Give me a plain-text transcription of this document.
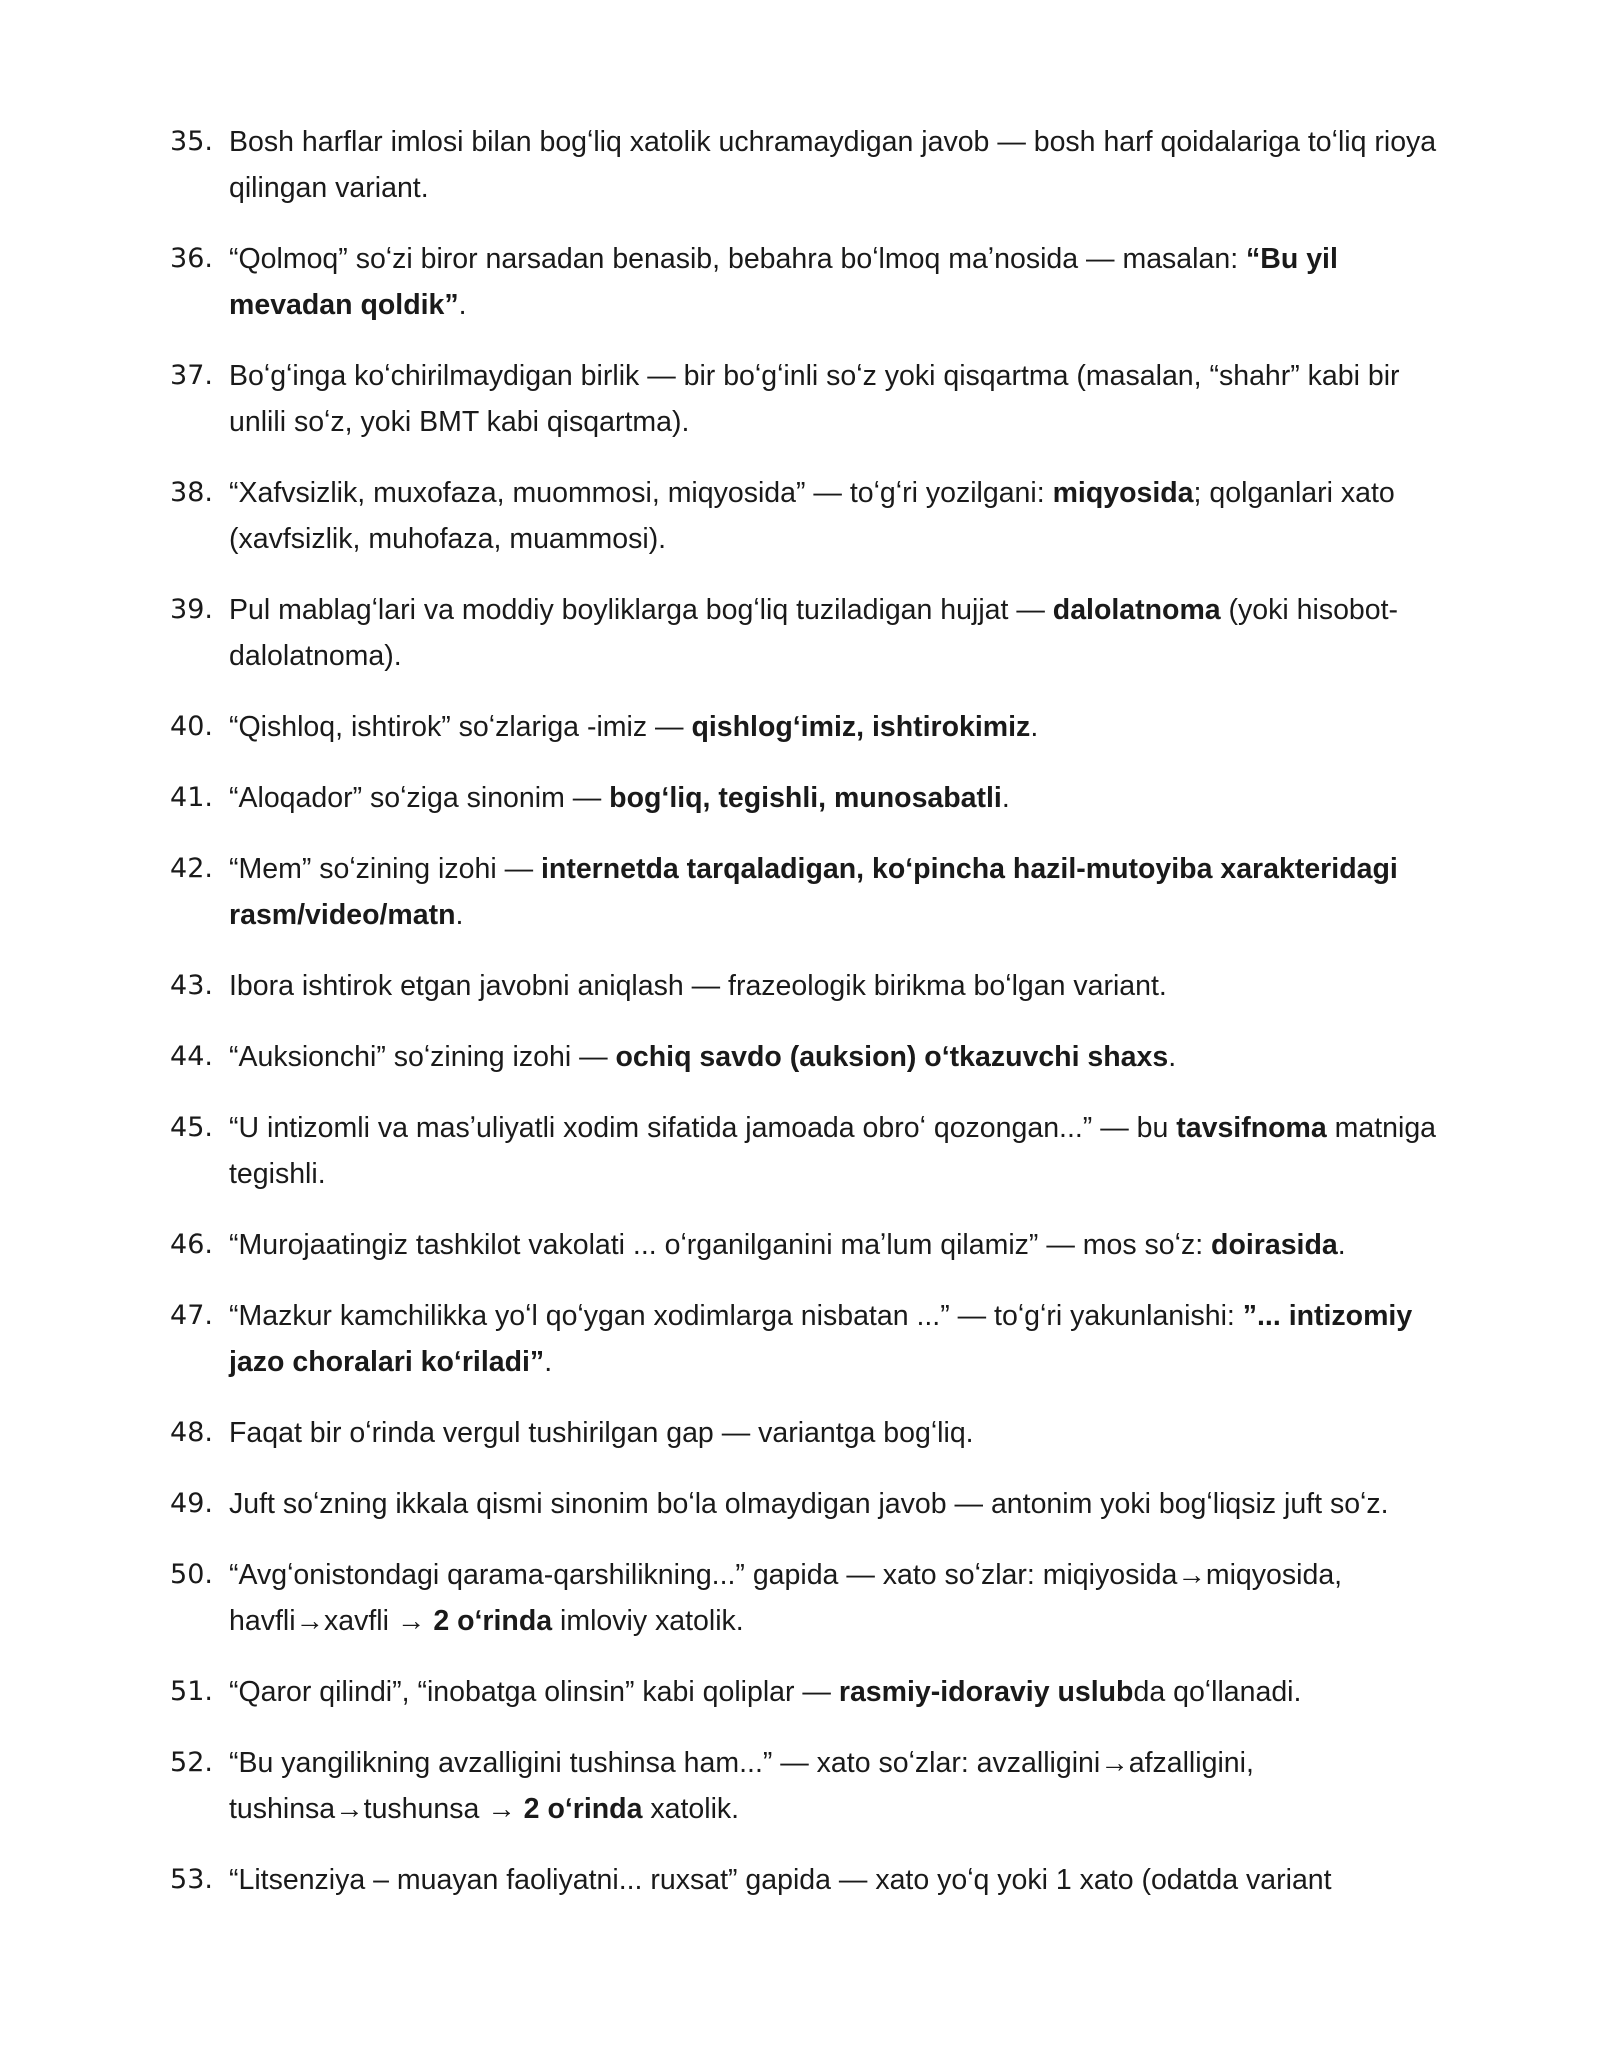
35. Bosh harflar imlosi bilan bogʻliq xatolik uchramaydigan javob — bosh harf qoidalariga toʻliq rioya qilingan variant.
36. “Qolmoq” soʻzi biror narsadan benasib, bebahra boʻlmoq maʼnosida — masalan: “Bu yil mevadan qoldik”.
37. Boʻgʻinga koʻchirilmaydigan birlik — bir boʻgʻinli soʻz yoki qisqartma (masalan, “shahr” kabi bir unlili soʻz, yoki BMT kabi qisqartma).
38. “Xafvsizlik, muxofaza, muommosi, miqyosida” — toʻgʻri yozilgani: miqyosida; qolganlari xato (xavfsizlik, muhofaza, muammosi).
39. Pul mablagʻlari va moddiy boyliklarga bogʻliq tuziladigan hujjat — dalolatnoma (yoki hisobot-dalolatnoma).
40. “Qishloq, ishtirok” soʻzlariga -imiz — qishlogʻimiz, ishtirokimiz.
41. “Aloqador” soʻziga sinonim — bogʻliq, tegishli, munosabatli.
42. “Mem” soʻzining izohi — internetda tarqaladigan, koʻpincha hazil-mutoyiba xarakteridagi rasm/video/matn.
43. Ibora ishtirok etgan javobni aniqlash — frazeologik birikma boʻlgan variant.
44. “Auksionchi” soʻzining izohi — ochiq savdo (auksion) oʻtkazuvchi shaxs.
45. “U intizomli va masʼuliyatli xodim sifatida jamoada obroʻ qozongan...” — bu tavsifnoma matniga tegishli.
46. “Murojaatingiz tashkilot vakolati ... oʻrganilganini maʼlum qilamiz” — mos soʻz: doirasida.
47. “Mazkur kamchilikka yoʻl qoʻygan xodimlarga nisbatan ...” — toʻgʻri yakunlanishi: ”... intizomiy jazo choralari koʻriladi”.
48. Faqat bir oʻrinda vergul tushirilgan gap — variantga bogʻliq.
49. Juft soʻzning ikkala qismi sinonim boʻla olmaydigan javob — antonim yoki bogʻliqsiz juft soʻz.
50. “Avgʻonistondagi qarama-qarshilikning...” gapida — xato soʻzlar: miqiyosida→miqyosida, havfli→xavfli → 2 oʻrinda imloviy xatolik.
51. “Qaror qilindi”, “inobatga olinsin” kabi qoliplar — rasmiy-idoraviy uslubda qoʻllanadi.
52. “Bu yangilikning avzalligini tushinsa ham...” — xato soʻzlar: avzalligini→afzalligini, tushinsa→tushunsa → 2 oʻrinda xatolik.
53. “Litsenziya – muayan faoliyatni... ruxsat” gapida — xato yoʻq yoki 1 xato (odatda variant
